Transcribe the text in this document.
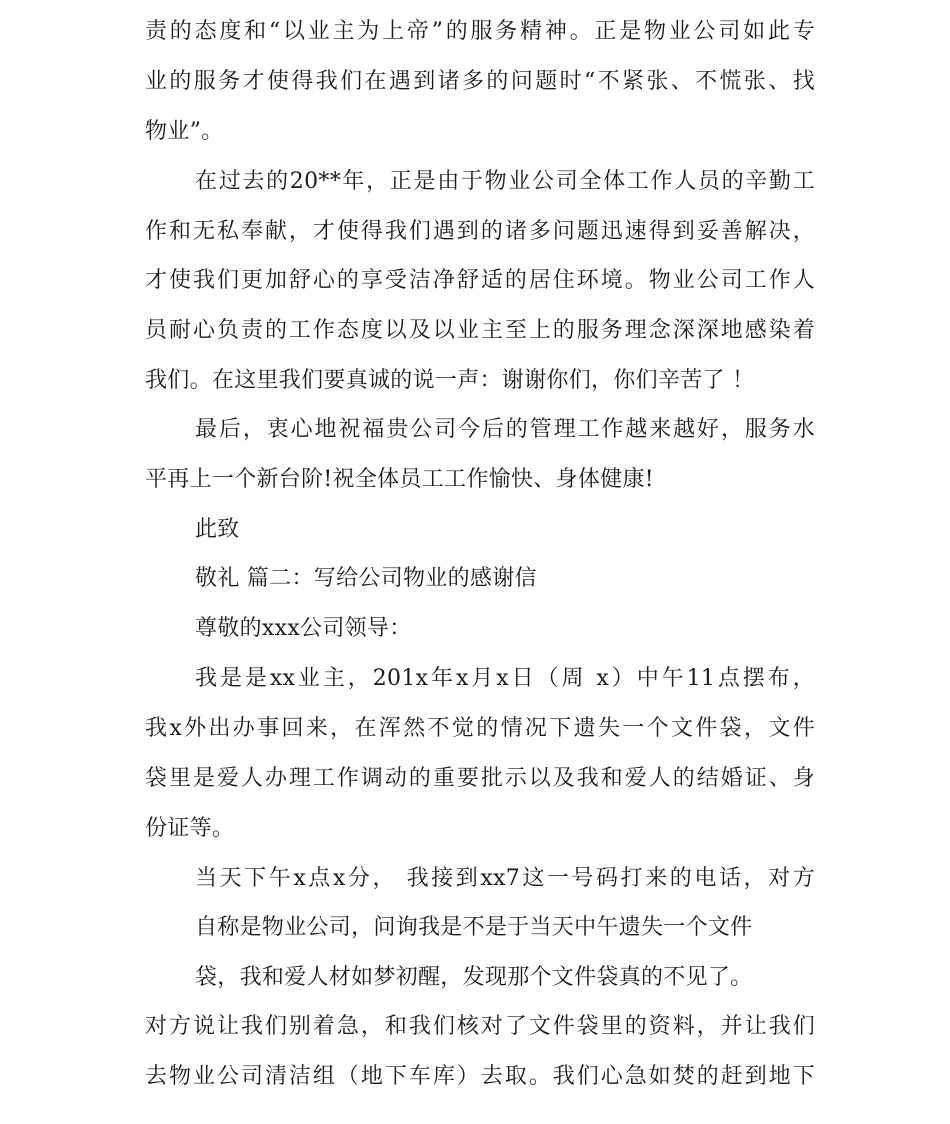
责的态度和“以业主为上帝”的服务精神。正是物业公司如此专
业的服务才使得我们在遇到诸多的问题时“不紧张、不慌张、找
物业”。
在过去的20**年，正是由于物业公司全体工作人员的辛勤工
作和无私奉献，才使得我们遇到的诸多问题迅速得到妥善解决，
才使我们更加舒心的享受洁净舒适的居住环境。物业公司工作人
员耐心负责的工作态度以及以业主至上的服务理念深深地感染着
我们。在这里我们要真诚的说一声：谢谢你们，你们辛苦了 ！
最后，衷心地祝福贵公司今后的管理工作越来越好，服务水
平再上一个新台阶!祝全体员工工作愉快、身体健康!
此致
敬礼 篇二：写给公司物业的感谢信
尊敬的xxx公司领导：
我是是xx业主，201x年x月x日（周 x）中午11点摆布，
我x外出办事回来，在浑然不觉的情况下遗失一个文件袋，文件
袋里是爱人办理工作调动的重要批示以及我和爱人的结婚证、身
份证等。
当天下午x点x分， 我接到xx7这一号码打来的电话，对方
自称是物业公司，问询我是不是于当天中午遗失一个文件
袋，我和爱人材如梦初醒，发现那个文件袋真的不见了。
对方说让我们别着急，和我们核对了文件袋里的资料，并让我们
去物业公司清洁组（地下车库）去取。我们心急如焚的赶到地下
